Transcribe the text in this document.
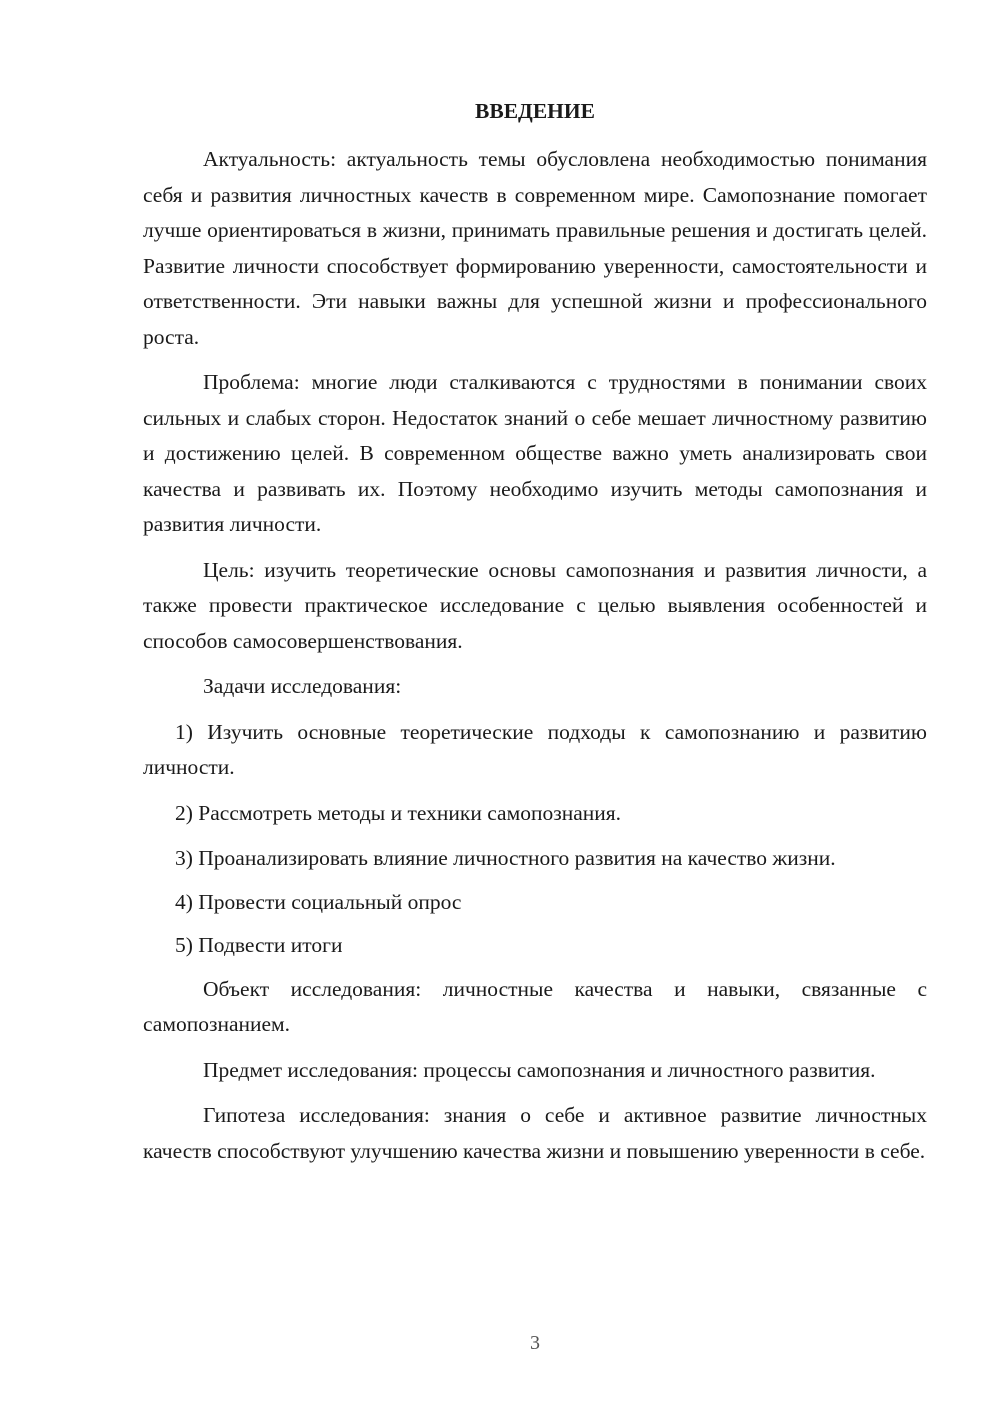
ВВЕДЕНИЕ

Актуальность: актуальность темы обусловлена необходимостью понимания себя и развития личностных качеств в современном мире. Самопознание помогает лучше ориентироваться в жизни, принимать правильные решения и достигать целей. Развитие личности способствует формированию уверенности, самостоятельности и ответственности. Эти навыки важны для успешной жизни и профессионального роста.

Проблема: многие люди сталкиваются с трудностями в понимании своих сильных и слабых сторон. Недостаток знаний о себе мешает личностному развитию и достижению целей. В современном обществе важно уметь анализировать свои качества и развивать их. Поэтому необходимо изучить методы самопознания и развития личности.

Цель: изучить теоретические основы самопознания и развития личности, а также провести практическое исследование с целью выявления особенностей и способов самосовершенствования.

Задачи исследования:

1) Изучить основные теоретические подходы к самопознанию и развитию личности.

2) Рассмотреть методы и техники самопознания.

3) Проанализировать влияние личностного развития на качество жизни.

4) Провести социальный опрос

5) Подвести итоги

Объект исследования: личностные качества и навыки, связанные с самопознанием.

Предмет исследования: процессы самопознания и личностного развития.

Гипотеза исследования: знания о себе и активное развитие личностных качеств способствуют улучшению качества жизни и повышению уверенности в себе.

3
